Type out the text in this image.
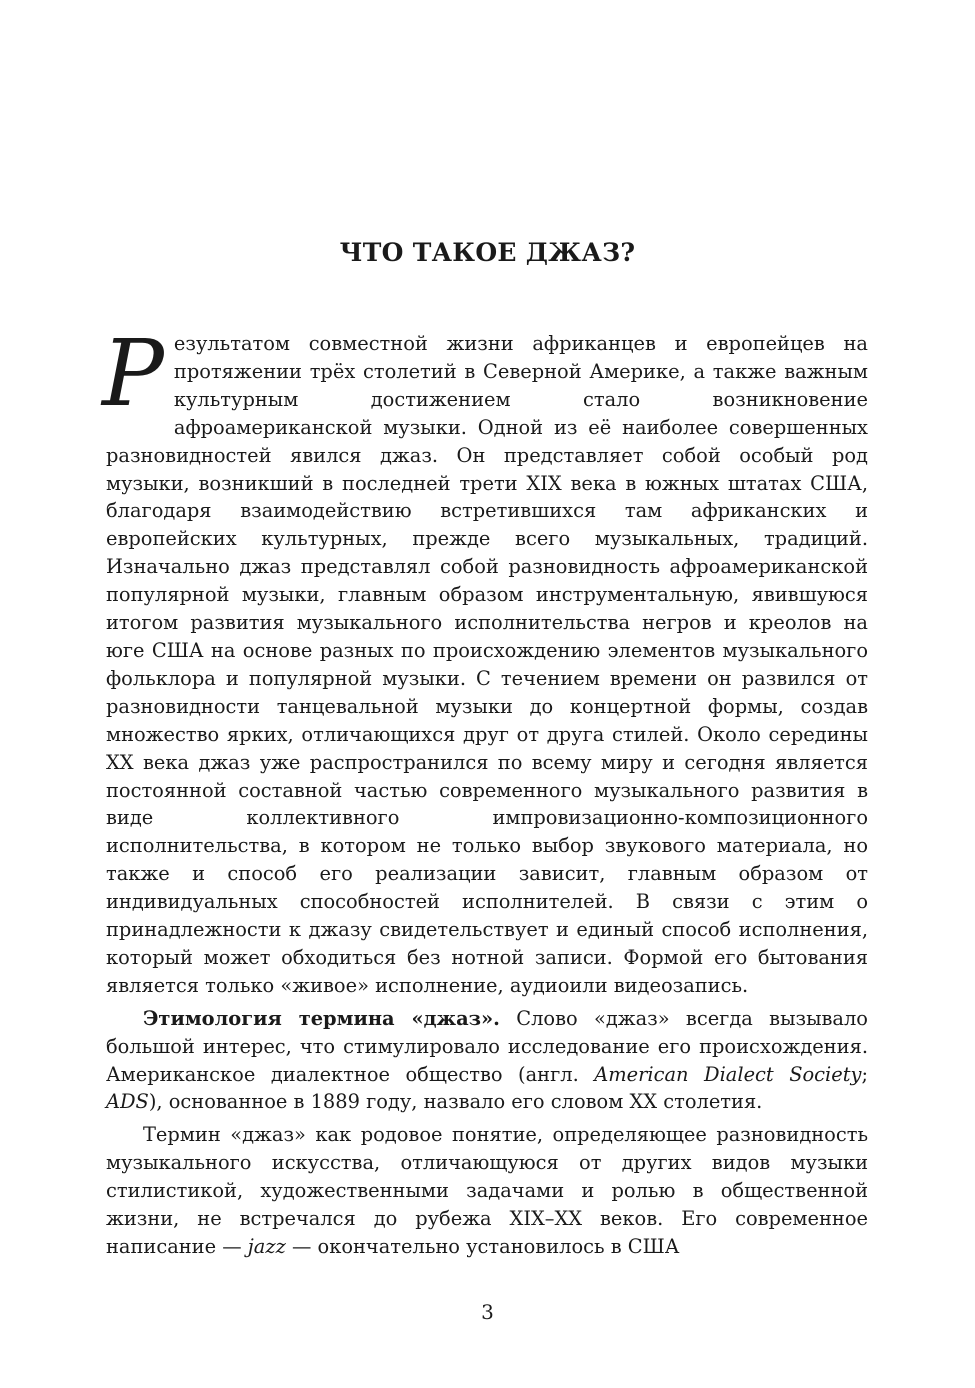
ЧТО ТАКОЕ ДЖАЗ?

Результатом совместной жизни африканцев и европейцев на протяжении трёх столетий в Северной Америке, а также важным культурным достижением стало возникновение афроамериканской музыки. Одной из её наиболее совершенных разновидностей явился джаз. Он представляет собой особый род музыки, возникший в последней трети XIX века в южных штатах США, благодаря взаимодействию встретившихся там африканских и европейских культурных, прежде всего музыкальных, традиций. Изначально джаз представлял собой разновидность афроамериканской популярной музыки, главным образом инструментальную, явившуюся итогом развития музыкального исполнительства негров и креолов на юге США на основе разных по происхождению элементов музыкального фольклора и популярной музыки. С течением времени он развился от разновидности танцевальной музыки до концертной формы, создав множество ярких, отличающихся друг от друга стилей. Около середины XX века джаз уже распространился по всему миру и сегодня является постоянной составной частью современного музыкального развития в виде коллективного импровизационно-композиционного исполнительства, в котором не только выбор звукового материала, но также и способ его реализации зависит, главным образом от индивидуальных способностей исполнителей. В связи с этим о принадлежности к джазу свидетельствует и единый способ исполнения, который может обходиться без нотной записи. Формой его бытования является только «живое» исполнение, аудиоили видеозапись.

Этимология термина «джаз». Слово «джаз» всегда вызывало большой интерес, что стимулировало исследование его происхождения. Американское диалектное общество (англ. American Dialect Society; ADS), основанное в 1889 году, назвало его словом XX столетия.

Термин «джаз» как родовое понятие, определяющее разновидность музыкального искусства, отличающуюся от других видов музыки стилистикой, художественными задачами и ролью в общественной жизни, не встречался до рубежа XIX–XX веков. Его современное написание — jazz — окончательно установилось в США

3
